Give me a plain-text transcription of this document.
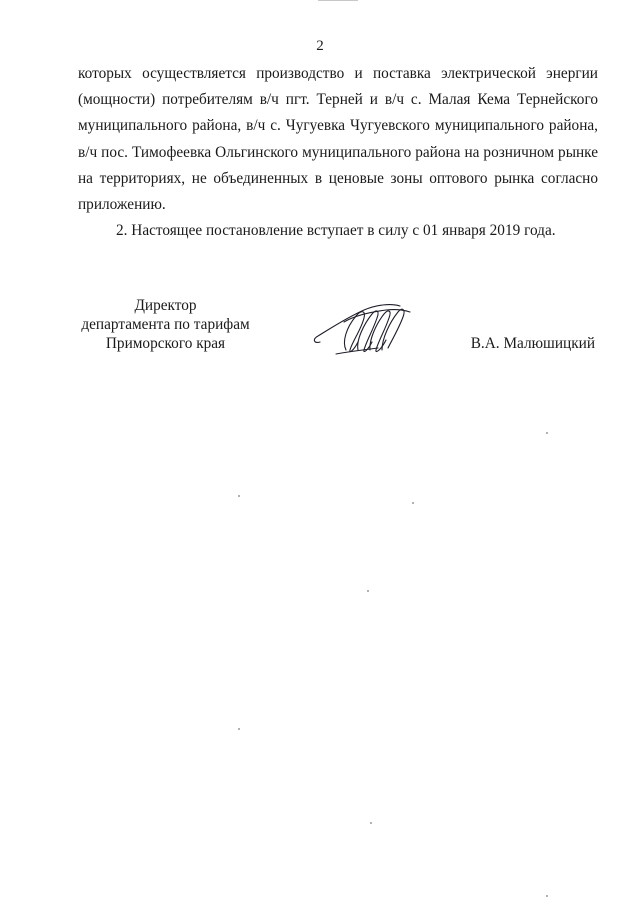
2

которых осуществляется производство и поставка электрической энергии (мощности) потребителям в/ч пгт. Терней и в/ч с. Малая Кема Тернейского муниципального района, в/ч с. Чугуевка Чугуевского муниципального района, в/ч пос. Тимофеевка Ольгинского муниципального района на розничном рынке на территориях, не объединенных в ценовые зоны оптового рынка согласно приложению.

2. Настоящее постановление вступает в силу с 01 января 2019 года.

Директор
департамента по тарифам
Приморского края	В.А. Малюшицкий
